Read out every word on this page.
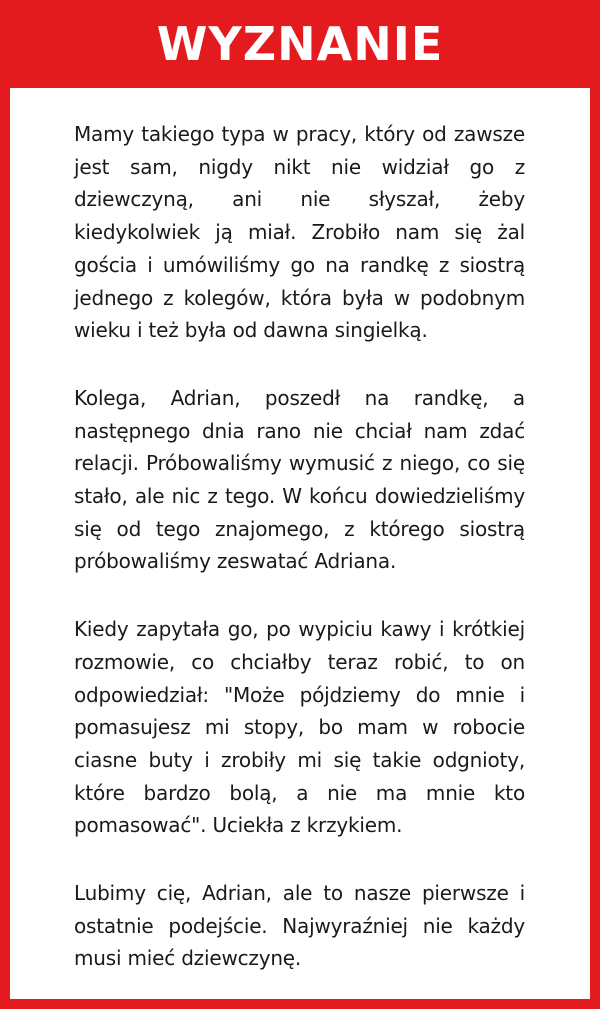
WYZNANIE

Mamy takiego typa w pracy, który od zawsze jest sam, nigdy nikt nie widział go z dziewczyną, ani nie słyszał, żeby kiedykolwiek ją miał. Zrobiło nam się żal gościa i umówiliśmy go na randkę z siostrą jednego z kolegów, która była w podobnym wieku i też była od dawna singielką.

Kolega, Adrian, poszedł na randkę, a następnego dnia rano nie chciał nam zdać relacji. Próbowaliśmy wymusić z niego, co się stało, ale nic z tego. W końcu dowiedzieliśmy się od tego znajomego, z którego siostrą próbowaliśmy zeswatać Adriana.

Kiedy zapytała go, po wypiciu kawy i krótkiej rozmowie, co chciałby teraz robić, to on odpowiedział: "Może pójdziemy do mnie i pomasujesz mi stopy, bo mam w robocie ciasne buty i zrobiły mi się takie odgnioty, które bardzo bolą, a nie ma mnie kto pomasować". Uciekła z krzykiem.

Lubimy cię, Adrian, ale to nasze pierwsze i ostatnie podejście. Najwyraźniej nie każdy musi mieć dziewczynę.
